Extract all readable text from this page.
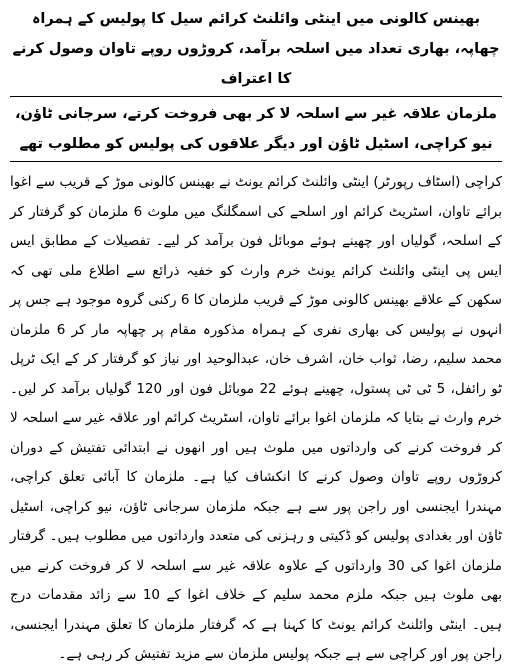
بھینس کالونی میں اینٹی وائلنٹ کرائم سیل کا پولیس کے ہمراہ چھاپہ، بھاری تعداد میں اسلحہ برآمد، کروڑوں روپے تاوان وصول کرنے کا اعتراف
ملزمان علاقہ غیر سے اسلحہ لا کر بھی فروخت کرتے، سرجانی ٹاؤن، نیو کراچی، اسٹیل ٹاؤن اور دیگر علاقوں کی پولیس کو مطلوب تھے

کراچی (اسٹاف رپورٹر) اینٹی وائلنٹ کرائم یونٹ نے بھینس کالونی موڑ کے قریب سے اغوا برائے تاوان، اسٹریٹ کرائم اور اسلحے کی اسمگلنگ میں ملوث 6 ملزمان کو گرفتار کر کے اسلحہ، گولیاں اور چھینے ہوئے موبائل فون برآمد کر لیے۔ تفصیلات کے مطابق ایس ایس پی اینٹی وائلنٹ کرائم یونٹ خرم وارث کو خفیہ ذرائع سے اطلاع ملی تھی کہ سکھن کے علاقے بھینس کالونی موڑ کے قریب ملزمان کا 6 رکنی گروہ موجود ہے جس پر انہوں نے پولیس کی بھاری نفری کے ہمراہ مذکورہ مقام پر چھاپہ مار کر 6 ملزمان محمد سلیم، رضا، ثواب خان، اشرف خان، عبدالوحید اور نیاز کو گرفتار کر کے ایک ٹرپل ٹو رائفل، 5 ٹی ٹی پستول، چھینے ہوئے 22 موبائل فون اور 120 گولیاں برآمد کر لیں۔ خرم وارث نے بتایا کہ ملزمان اغوا برائے تاوان، اسٹریٹ کرائم اور علاقہ غیر سے اسلحہ لا کر فروخت کرنے کی وارداتوں میں ملوث ہیں اور انھوں نے ابتدائی تفتیش کے دوران کروڑوں روپے تاوان وصول کرنے کا انکشاف کیا ہے۔ ملزمان کا آبائی تعلق کراچی، مہندرا ایجنسی اور راجن پور سے ہے جبکہ ملزمان سرجانی ٹاؤن، نیو کراچی، اسٹیل ٹاؤن اور بغدادی پولیس کو ڈکیتی و رہزنی کی متعدد وارداتوں میں مطلوب ہیں۔ گرفتار ملزمان اغوا کی 30 وارداتوں کے علاوہ علاقہ غیر سے اسلحہ لا کر فروخت کرنے میں بھی ملوث ہیں جبکہ ملزم محمد سلیم کے خلاف اغوا کے 10 سے زائد مقدمات درج ہیں۔ اینٹی وائلنٹ کرائم یونٹ کا کہنا ہے کہ گرفتار ملزمان کا تعلق مہندرا ایجنسی، راجن پور اور کراچی سے ہے جبکہ پولیس ملزمان سے مزید تفتیش کر رہی ہے۔
